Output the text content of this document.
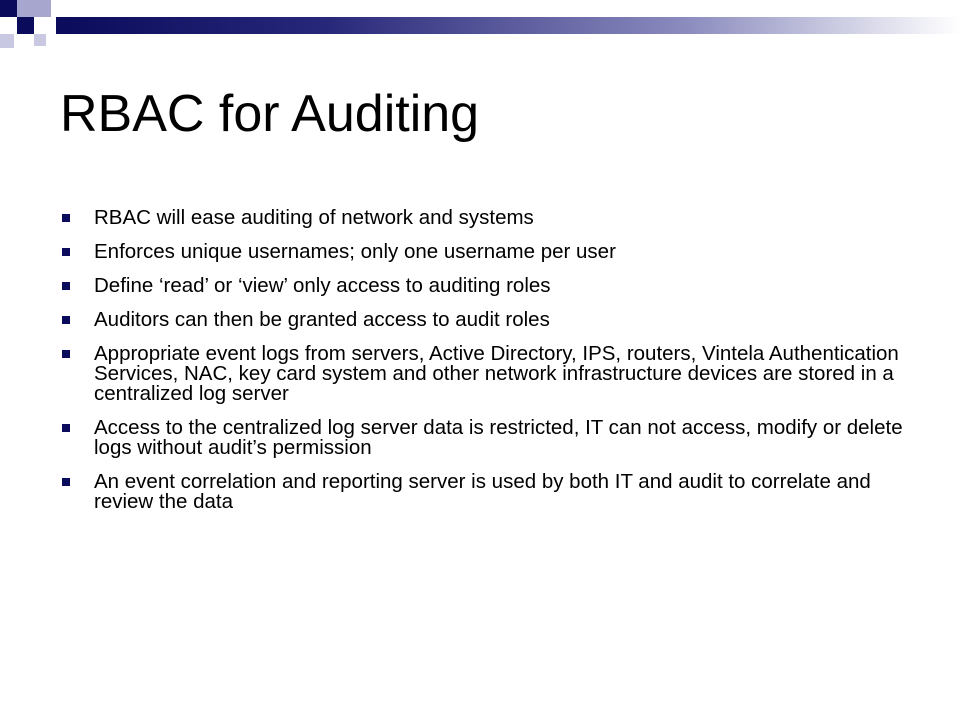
RBAC for Auditing
RBAC will ease auditing of network and systems
Enforces unique usernames; only one username per user
Define ‘read’ or ‘view’ only access to auditing roles
Auditors can then be granted access to audit roles
Appropriate event logs from servers, Active Directory, IPS, routers, Vintela Authentication Services, NAC, key card system and other network infrastructure devices are stored in a centralized log server
Access to the centralized log server data is restricted, IT can not access, modify or delete logs without audit’s permission
An event correlation and reporting server is used by both IT and audit to correlate and review the data
